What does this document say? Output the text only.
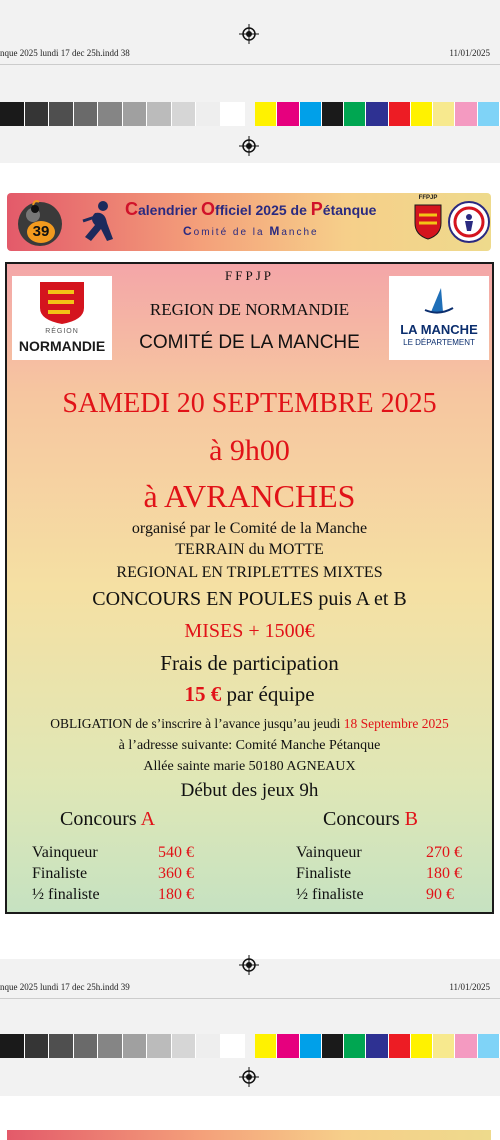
nque 2025 lundi 17 dec 25h.indd 38	11/01/2025
39
Calendrier Officiel 2025 de Pétanque
Comité de la Manche
FFPJP
FFPJP
REGION DE NORMANDIE
COMITÉ DE LA MANCHE
RÉGION
NORMANDIE
LA MANCHE
LE DÉPARTEMENT
SAMEDI 20 SEPTEMBRE 2025
à 9h00
à AVRANCHES
organisé par le Comité de la Manche
TERRAIN du MOTTE
REGIONAL EN TRIPLETTES MIXTES
CONCOURS EN POULES puis A et B
MISES + 1500€
Frais de participation
15 € par équipe
OBLIGATION de s’inscrire à l’avance jusqu’au jeudi 18 Septembre 2025
à l’adresse suivante: Comité Manche Pétanque
Allée sainte marie 50180 AGNEAUX
Début des jeux 9h
Concours A	Concours B
Vainqueur	540 €
Finaliste	360 €
½ finaliste	180 €
Vainqueur	270 €
Finaliste	180 €
½ finaliste	90 €
nque 2025 lundi 17 dec 25h.indd 39	11/01/2025
